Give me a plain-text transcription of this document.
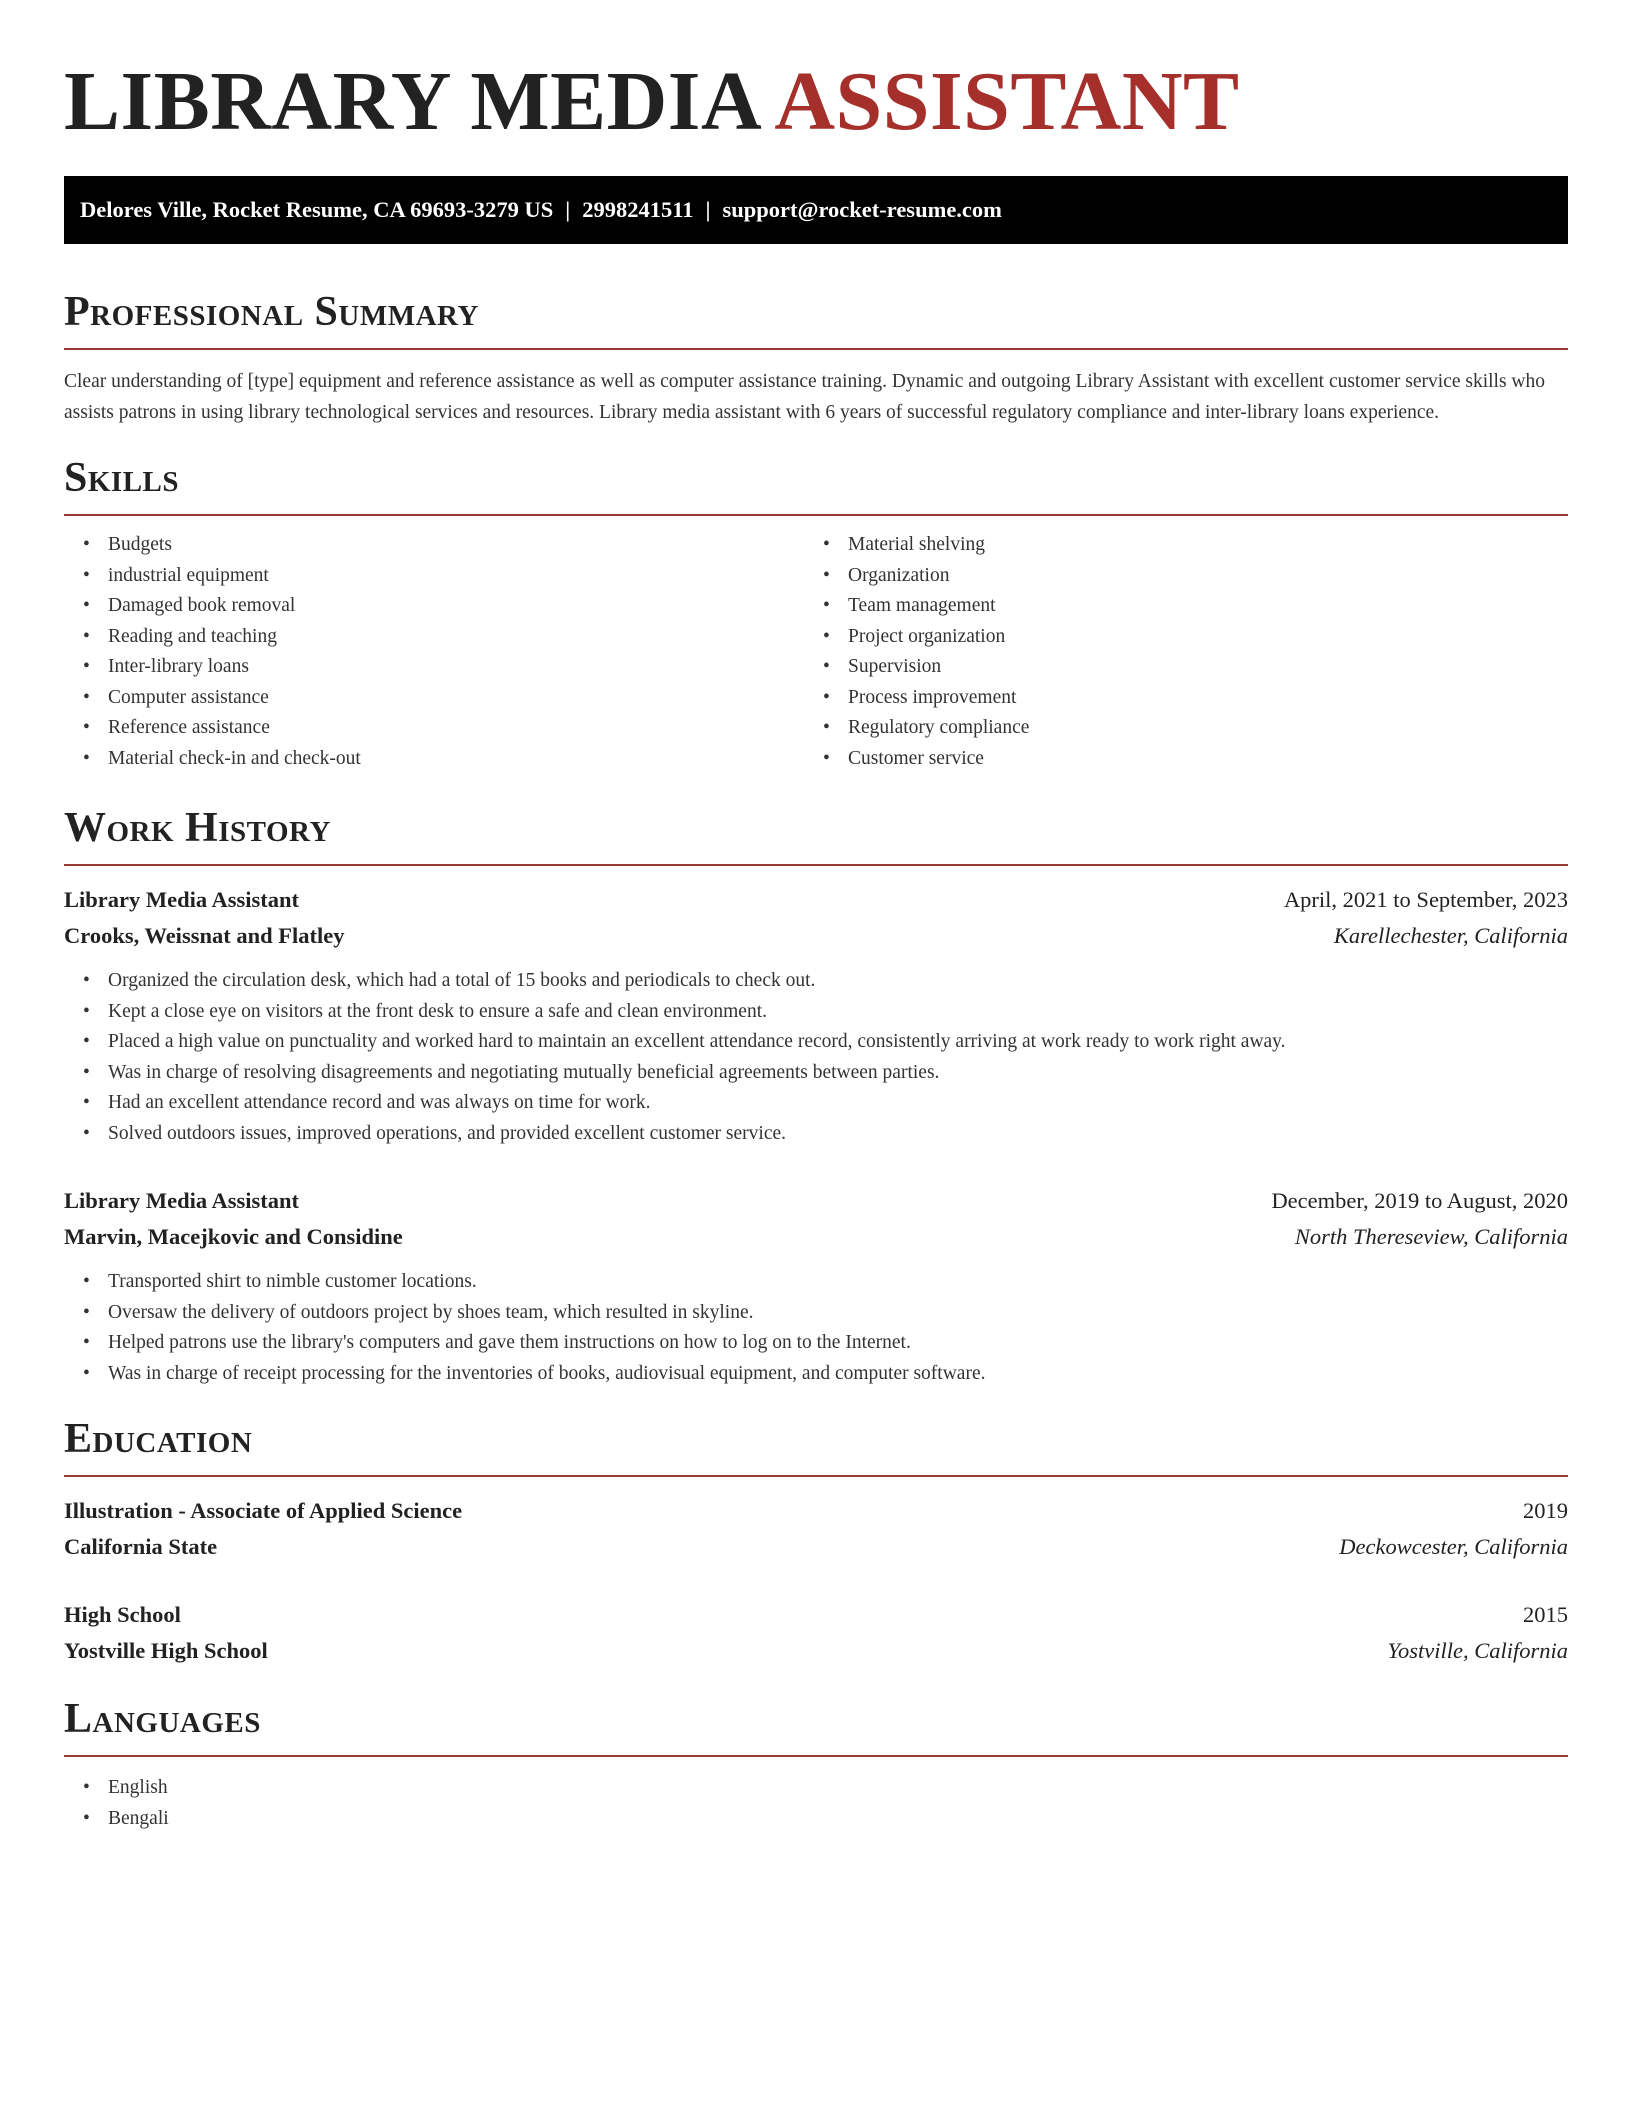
LIBRARY MEDIA ASSISTANT
Delores Ville, Rocket Resume, CA 69693-3279 US | 2998241511 | support@rocket-resume.com
Professional Summary
Clear understanding of [type] equipment and reference assistance as well as computer assistance training. Dynamic and outgoing Library Assistant with excellent customer service skills who assists patrons in using library technological services and resources. Library media assistant with 6 years of successful regulatory compliance and inter-library loans experience.
Skills
• Budgets
• industrial equipment
• Damaged book removal
• Reading and teaching
• Inter-library loans
• Computer assistance
• Reference assistance
• Material check-in and check-out
• Material shelving
• Organization
• Team management
• Project organization
• Supervision
• Process improvement
• Regulatory compliance
• Customer service
Work History
Library Media Assistant	April, 2021 to September, 2023
Crooks, Weissnat and Flatley	Karellechester, California
• Organized the circulation desk, which had a total of 15 books and periodicals to check out.
• Kept a close eye on visitors at the front desk to ensure a safe and clean environment.
• Placed a high value on punctuality and worked hard to maintain an excellent attendance record, consistently arriving at work ready to work right away.
• Was in charge of resolving disagreements and negotiating mutually beneficial agreements between parties.
• Had an excellent attendance record and was always on time for work.
• Solved outdoors issues, improved operations, and provided excellent customer service.
Library Media Assistant	December, 2019 to August, 2020
Marvin, Macejkovic and Considine	North Thereseview, California
• Transported shirt to nimble customer locations.
• Oversaw the delivery of outdoors project by shoes team, which resulted in skyline.
• Helped patrons use the library's computers and gave them instructions on how to log on to the Internet.
• Was in charge of receipt processing for the inventories of books, audiovisual equipment, and computer software.
Education
Illustration - Associate of Applied Science	2019
California State	Deckowcester, California
High School	2015
Yostville High School	Yostville, California
Languages
• English
• Bengali
